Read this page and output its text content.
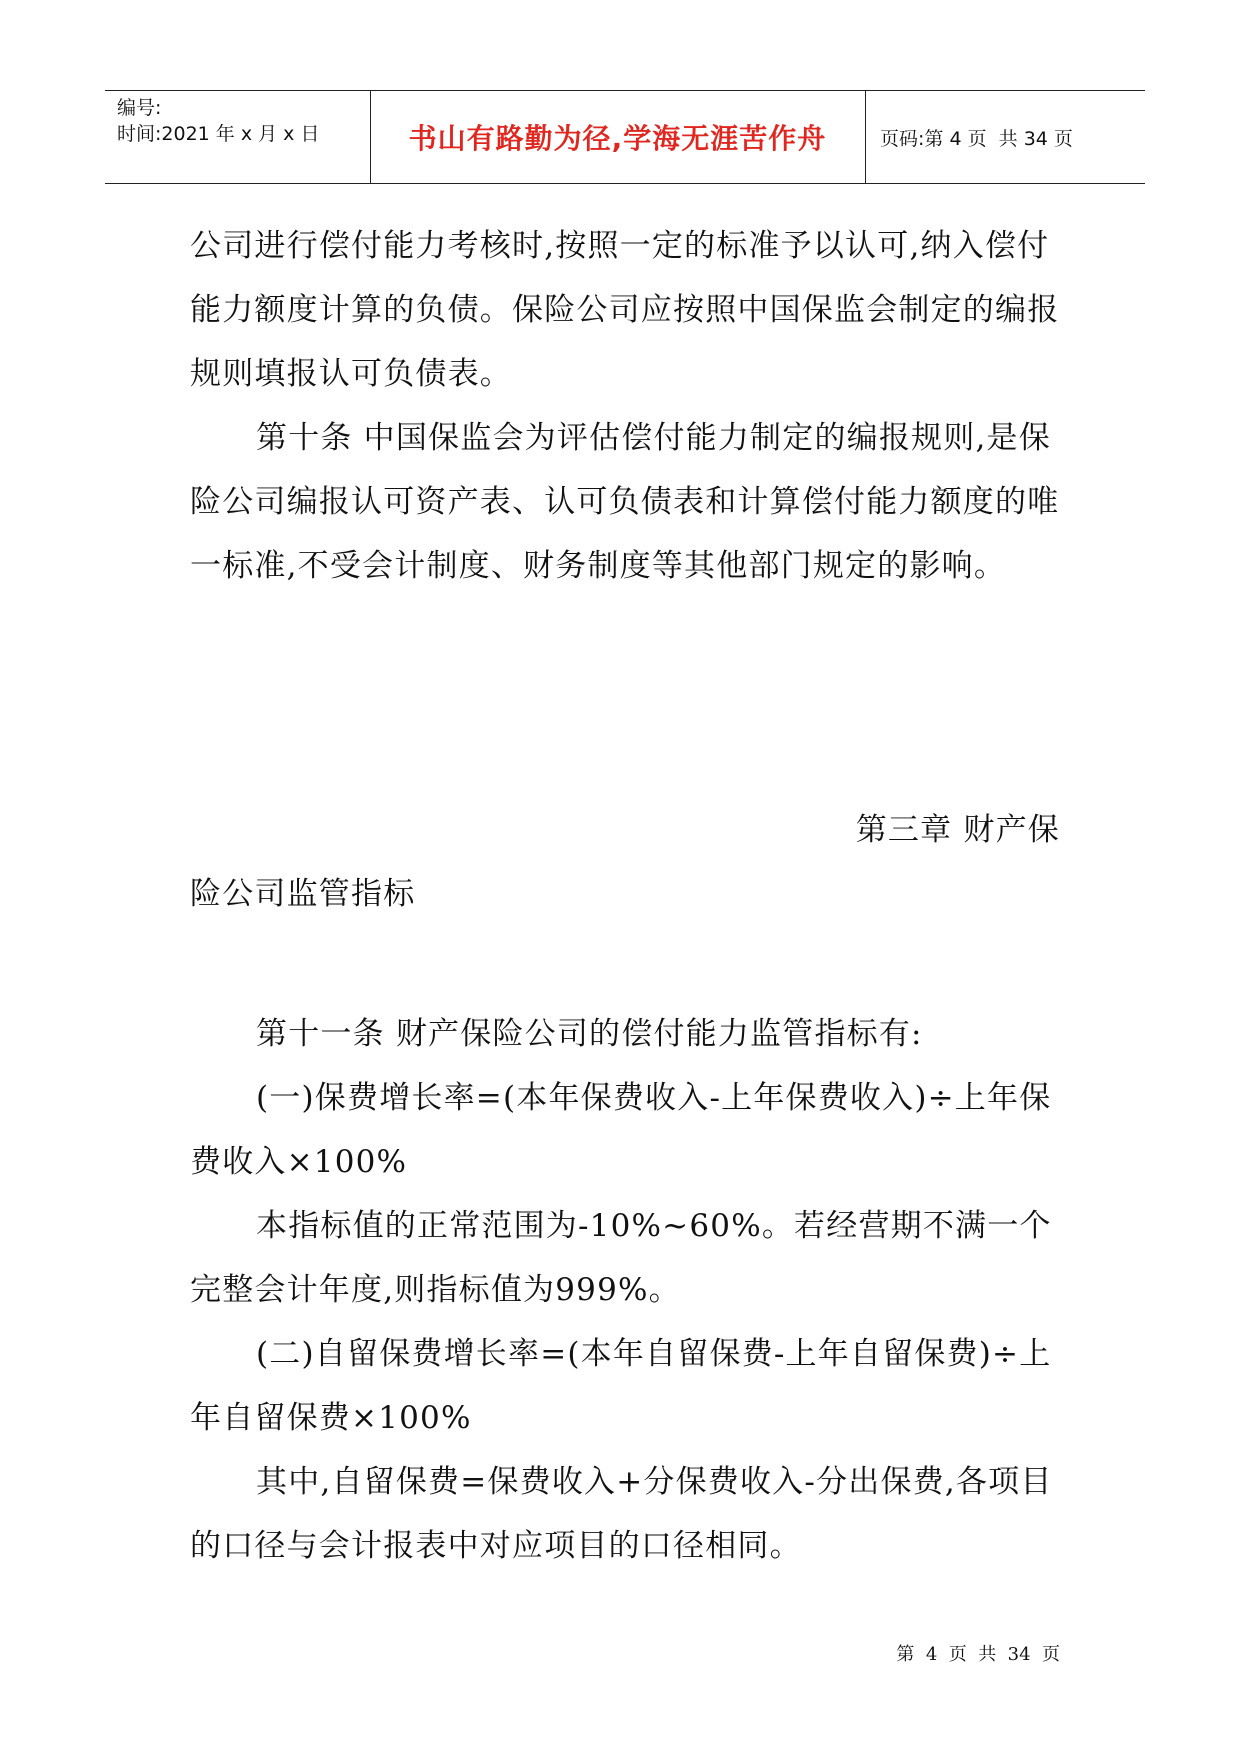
编号:
时间:2021 年 x 月 x 日	书山有路勤为径,学海无涯苦作舟	页码:第 4 页  共 34 页

公司进行偿付能力考核时,按照一定的标准予以认可,纳入偿付能力额度计算的负债。保险公司应按照中国保监会制定的编报规则填报认可负债表。

第十条 中国保监会为评估偿付能力制定的编报规则,是保险公司编报认可资产表、认可负债表和计算偿付能力额度的唯一标准,不受会计制度、财务制度等其他部门规定的影响。

第三章 财产保
险公司监管指标

第十一条 财产保险公司的偿付能力监管指标有:

(一)保费增长率=(本年保费收入-上年保费收入)÷上年保费收入×100%

本指标值的正常范围为-10%~60%。若经营期不满一个完整会计年度,则指标值为999%。

(二)自留保费增长率=(本年自留保费-上年自留保费)÷上年自留保费×100%

其中,自留保费=保费收入+分保费收入-分出保费,各项目的口径与会计报表中对应项目的口径相同。

第  4  页  共  34  页
